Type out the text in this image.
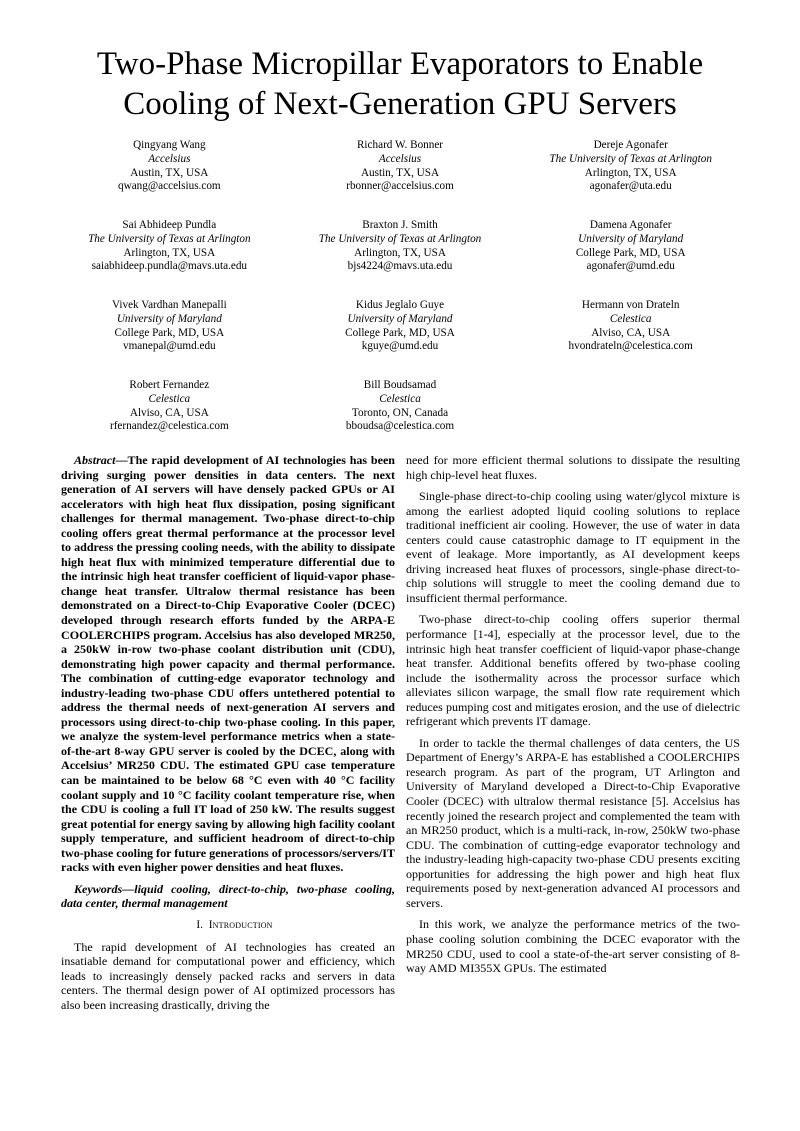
Two-Phase Micropillar Evaporators to Enable
Cooling of Next-Generation GPU Servers
Qingyang Wang
Accelsius
Austin, TX, USA
qwang@accelsius.com
Richard W. Bonner
Accelsius
Austin, TX, USA
rbonner@accelsius.com
Dereje Agonafer
The University of Texas at Arlington
Arlington, TX, USA
agonafer@uta.edu
Sai Abhideep Pundla
The University of Texas at Arlington
Arlington, TX, USA
saiabhideep.pundla@mavs.uta.edu
Braxton J. Smith
The University of Texas at Arlington
Arlington, TX, USA
bjs4224@mavs.uta.edu
Damena Agonafer
University of Maryland
College Park, MD, USA
agonafer@umd.edu
Vivek Vardhan Manepalli
University of Maryland
College Park, MD, USA
vmanepal@umd.edu
Kidus Jeglalo Guye
University of Maryland
College Park, MD, USA
kguye@umd.edu
Hermann von Drateln
Celestica
Alviso, CA, USA
hvondrateln@celestica.com
Robert Fernandez
Celestica
Alviso, CA, USA
rfernandez@celestica.com
Bill Boudsamad
Celestica
Toronto, ON, Canada
bboudsa@celestica.com

Abstract—The rapid development of AI technologies has been driving surging power densities in data centers. The next generation of AI servers will have densely packed GPUs or AI accelerators with high heat flux dissipation, posing significant challenges for thermal management. Two-phase direct-to-chip cooling offers great thermal performance at the processor level to address the pressing cooling needs, with the ability to dissipate high heat flux with minimized temperature differential due to the intrinsic high heat transfer coefficient of liquid-vapor phase-change heat transfer. Ultralow thermal resistance has been demonstrated on a Direct-to-Chip Evaporative Cooler (DCEC) developed through research efforts funded by the ARPA-E COOLERCHIPS program. Accelsius has also developed MR250, a 250kW in-row two-phase coolant distribution unit (CDU), demonstrating high power capacity and thermal performance. The combination of cutting-edge evaporator technology and industry-leading two-phase CDU offers untethered potential to address the thermal needs of next-generation AI servers and processors using direct-to-chip two-phase cooling. In this paper, we analyze the system-level performance metrics when a state-of-the-art 8-way GPU server is cooled by the DCEC, along with Accelsius’ MR250 CDU. The estimated GPU case temperature can be maintained to be below 68 °C even with 40 °C facility coolant supply and 10 °C facility coolant temperature rise, when the CDU is cooling a full IT load of 250 kW. The results suggest great potential for energy saving by allowing high facility coolant supply temperature, and sufficient headroom of direct-to-chip two-phase cooling for future generations of processors/servers/IT racks with even higher power densities and heat fluxes.

Keywords—liquid cooling, direct-to-chip, two-phase cooling, data center, thermal management

I. Introduction

The rapid development of AI technologies has created an insatiable demand for computational power and efficiency, which leads to increasingly densely packed racks and servers in data centers. The thermal design power of AI optimized processors has also been increasing drastically, driving the

need for more efficient thermal solutions to dissipate the resulting high chip-level heat fluxes.

Single-phase direct-to-chip cooling using water/glycol mixture is among the earliest adopted liquid cooling solutions to replace traditional inefficient air cooling. However, the use of water in data centers could cause catastrophic damage to IT equipment in the event of leakage. More importantly, as AI development keeps driving increased heat fluxes of processors, single-phase direct-to-chip solutions will struggle to meet the cooling demand due to insufficient thermal performance.

Two-phase direct-to-chip cooling offers superior thermal performance [1-4], especially at the processor level, due to the intrinsic high heat transfer coefficient of liquid-vapor phase-change heat transfer. Additional benefits offered by two-phase cooling include the isothermality across the processor surface which alleviates silicon warpage, the small flow rate requirement which reduces pumping cost and mitigates erosion, and the use of dielectric refrigerant which prevents IT damage.

In order to tackle the thermal challenges of data centers, the US Department of Energy’s ARPA-E has established a COOLERCHIPS research program. As part of the program, UT Arlington and University of Maryland developed a Direct-to-Chip Evaporative Cooler (DCEC) with ultralow thermal resistance [5]. Accelsius has recently joined the research project and complemented the team with an MR250 product, which is a multi-rack, in-row, 250kW two-phase CDU. The combination of cutting-edge evaporator technology and the industry-leading high-capacity two-phase CDU presents exciting opportunities for addressing the high power and high heat flux requirements posed by next-generation advanced AI processors and servers.

In this work, we analyze the performance metrics of the two-phase cooling solution combining the DCEC evaporator with the MR250 CDU, used to cool a state-of-the-art server consisting of 8-way AMD MI355X GPUs. The estimated
